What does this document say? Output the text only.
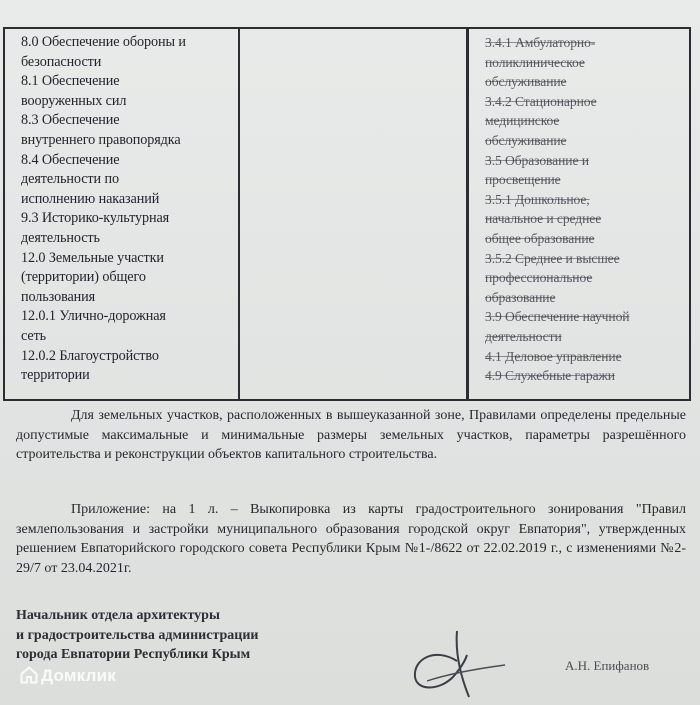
8.0 Обеспечение обороны и
безопасности
8.1 Обеспечение
вооруженных сил
8.3 Обеспечение
внутреннего правопорядка
8.4 Обеспечение
деятельности по
исполнению наказаний
9.3 Историко-культурная
деятельность
12.0 Земельные участки
(территории) общего
пользования
12.0.1 Улично-дорожная
сеть
12.0.2 Благоустройство
территории
3.4.1 Амбулаторно-
поликлиническое
обслуживание
3.4.2 Стационарное
медицинское
обслуживание
3.5 Образование и
просвещение
3.5.1 Дошкольное,
начальное и среднее
общее образование
3.5.2 Среднее и высшее
профессиональное
образование
3.9 Обеспечение научной
деятельности
4.1 Деловое управление
4.9 Служебные гаражи
Для земельных участков, расположенных в вышеуказанной зоне, Правилами определены предельные допустимые максимальные и минимальные размеры земельных участков, параметры разрешённого строительства и реконструкции объектов капитального строительства.
Приложение: на 1 л. – Выкопировка из карты градостроительного зонирования "Правил землепользования и застройки муниципального образования городской округ Евпатория", утвержденных решением Евпаторийского городского совета Республики Крым №1-/8622 от 22.02.2019 г., с изменениями №2-29/7 от 23.04.2021г.
Начальник отдела архитектуры
и градостроительства администрации
города Евпатории Республики Крым
А.Н. Епифанов
Домклик
